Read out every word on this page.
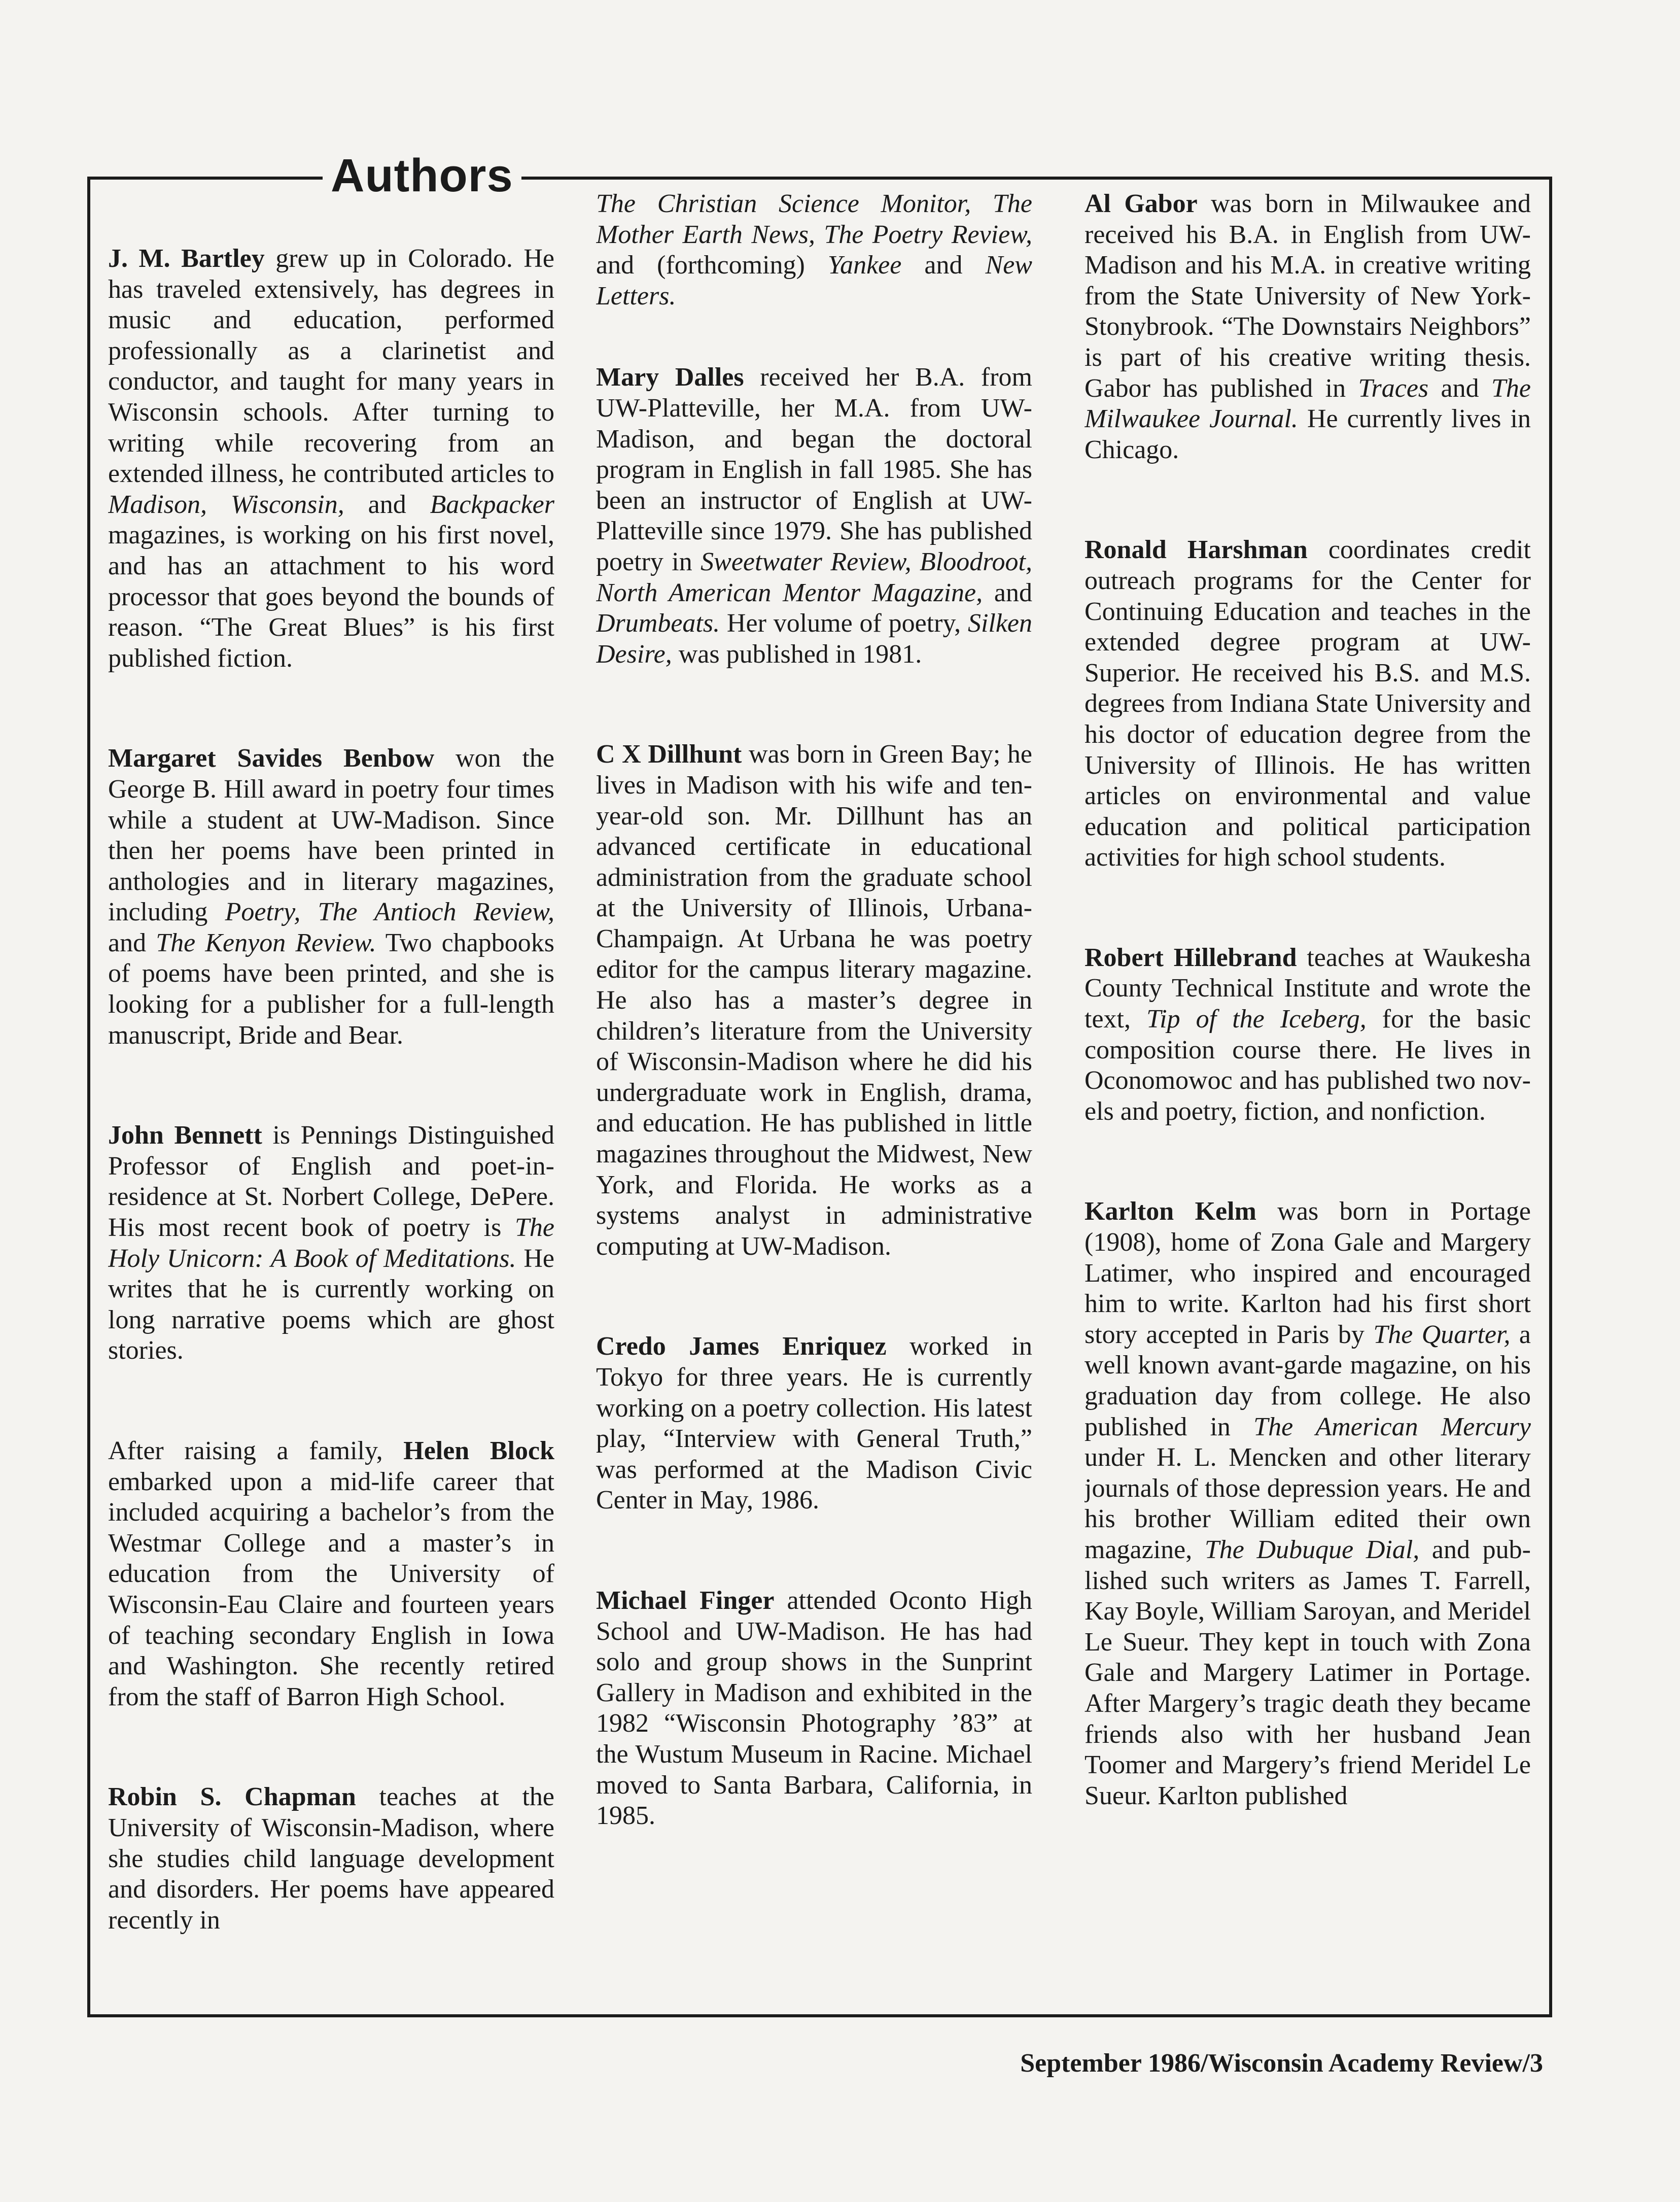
Authors

J. M. Bartley grew up in Colorado. He has traveled extensively, has degrees in music and education, performed professionally as a clarinetist and conductor, and taught for many years in Wisconsin schools. After turning to writing while recovering from an extended illness, he contributed articles to Madison, Wisconsin, and Backpacker magazines, is working on his first novel, and has an attachment to his word processor that goes beyond the bounds of reason. “The Great Blues” is his first published fiction.

Margaret Savides Benbow won the George B. Hill award in poetry four times while a student at UW-Madison. Since then her poems have been printed in anthologies and in literary magazines, including Poetry, The Antioch Review, and The Kenyon Review. Two chapbooks of poems have been printed, and she is looking for a publisher for a full-length manuscript, Bride and Bear.

John Bennett is Pennings Distinguished Professor of English and poet-in-residence at St. Norbert College, DePere. His most recent book of poetry is The Holy Unicorn: A Book of Meditations. He writes that he is currently working on long narrative poems which are ghost stories.

After raising a family, Helen Block embarked upon a mid-life career that included acquiring a bachelor’s from the Westmar College and a master’s in education from the University of Wisconsin-Eau Claire and fourteen years of teaching secondary English in Iowa and Washington. She recently retired from the staff of Barron High School.

Robin S. Chapman teaches at the University of Wisconsin-Madison, where she studies child language development and disorders. Her poems have appeared recently in

The Christian Science Monitor, The Mother Earth News, The Poetry Review, and (forthcoming) Yankee and New Letters.

Mary Dalles received her B.A. from UW-Platteville, her M.A. from UW-Madison, and began the doctoral program in English in fall 1985. She has been an instructor of English at UW-Platteville since 1979. She has published poetry in Sweetwater Review, Bloodroot, North American Mentor Magazine, and Drumbeats. Her volume of poetry, Silken Desire, was published in 1981.

C X Dillhunt was born in Green Bay; he lives in Madison with his wife and ten-year-old son. Mr. Dillhunt has an advanced certificate in educational administration from the graduate school at the University of Illinois, Urbana-Champaign. At Urbana he was poetry editor for the campus literary magazine. He also has a master’s degree in children’s literature from the University of Wisconsin-Madison where he did his undergraduate work in English, drama, and education. He has published in little magazines throughout the Midwest, New York, and Florida. He works as a systems analyst in administrative computing at UW-Madison.

Credo James Enriquez worked in Tokyo for three years. He is currently working on a poetry collection. His latest play, “Interview with General Truth,” was performed at the Madison Civic Center in May, 1986.

Michael Finger attended Oconto High School and UW-Madison. He has had solo and group shows in the Sunprint Gallery in Madison and exhibited in the 1982 “Wisconsin Photography ’83” at the Wustum Museum in Racine. Michael moved to Santa Barbara, California, in 1985.

Al Gabor was born in Milwaukee and received his B.A. in English from UW-Madison and his M.A. in creative writing from the State University of New York-Stonybrook. “The Downstairs Neighbors” is part of his creative writing thesis. Gabor has published in Traces and The Milwaukee Journal. He currently lives in Chicago.

Ronald Harshman coordinates credit outreach programs for the Center for Continuing Education and teaches in the extended degree program at UW-Superior. He received his B.S. and M.S. degrees from Indiana State University and his doctor of education degree from the University of Illinois. He has written articles on environmental and value education and political participation activities for high school students.

Robert Hillebrand teaches at Waukesha County Technical Institute and wrote the text, Tip of the Iceberg, for the basic composition course there. He lives in Oconomowoc and has published two novels and poetry, fiction, and nonfiction.

Karlton Kelm was born in Portage (1908), home of Zona Gale and Margery Latimer, who inspired and encouraged him to write. Karlton had his first short story accepted in Paris by The Quarter, a well known avant-garde magazine, on his graduation day from college. He also published in The American Mercury under H. L. Mencken and other literary journals of those depression years. He and his brother William edited their own magazine, The Dubuque Dial, and published such writers as James T. Farrell, Kay Boyle, William Saroyan, and Meridel Le Sueur. They kept in touch with Zona Gale and Margery Latimer in Portage. After Margery’s tragic death they became friends also with her husband Jean Toomer and Margery’s friend Meridel Le Sueur. Karlton published

September 1986/Wisconsin Academy Review/3
